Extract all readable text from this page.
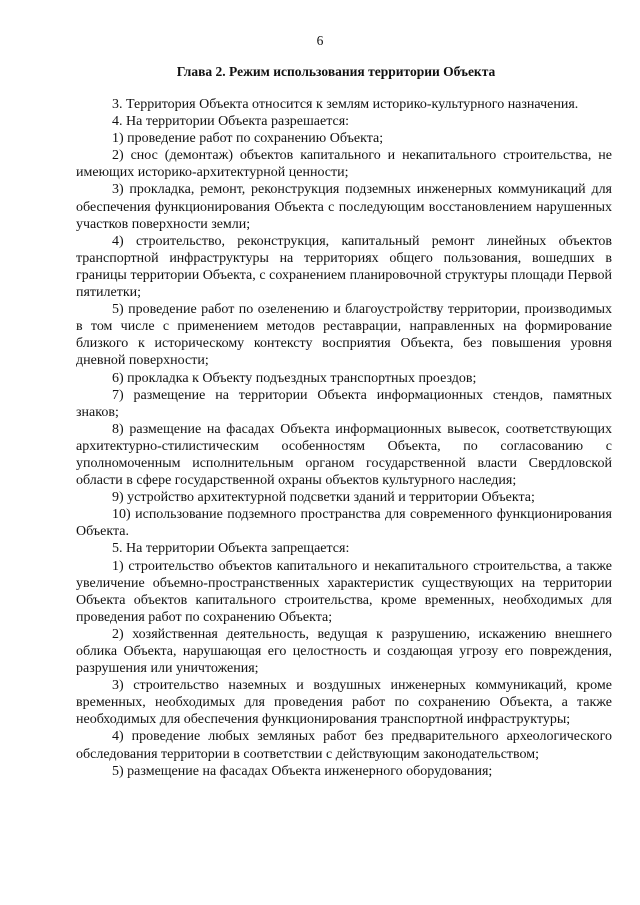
6
Глава 2. Режим использования территории Объекта

3. Территория Объекта относится к землям историко-культурного назначения.

4. На территории Объекта разрешается:

1) проведение работ по сохранению Объекта;

2) снос (демонтаж) объектов капитального и некапитального строительства, не имеющих историко-архитектурной ценности;

3) прокладка, ремонт, реконструкция подземных инженерных коммуникаций для обеспечения функционирования Объекта с последующим восстановлением нарушенных участков поверхности земли;

4) строительство, реконструкция, капитальный ремонт линейных объектов транспортной инфраструктуры на территориях общего пользования, вошедших в границы территории Объекта, с сохранением планировочной структуры площади Первой пятилетки;

5) проведение работ по озеленению и благоустройству территории, производимых в том числе с применением методов реставрации, направленных на формирование близкого к историческому контексту восприятия Объекта, без повышения уровня дневной поверхности;

6) прокладка к Объекту подъездных транспортных проездов;

7) размещение на территории Объекта информационных стендов, памятных знаков;

8) размещение на фасадах Объекта информационных вывесок, соответствующих архитектурно-стилистическим особенностям Объекта, по согласованию с уполномоченным исполнительным органом государственной власти Свердловской области в сфере государственной охраны объектов культурного наследия;

9) устройство архитектурной подсветки зданий и территории Объекта;

10) использование подземного пространства для современного функционирования Объекта.

5. На территории Объекта запрещается:

1) строительство объектов капитального и некапитального строительства, а также увеличение объемно-пространственных характеристик существующих на территории Объекта объектов капитального строительства, кроме временных, необходимых для проведения работ по сохранению Объекта;

2) хозяйственная деятельность, ведущая к разрушению, искажению внешнего облика Объекта, нарушающая его целостность и создающая угрозу его повреждения, разрушения или уничтожения;

3) строительство наземных и воздушных инженерных коммуникаций, кроме временных, необходимых для проведения работ по сохранению Объекта, а также необходимых для обеспечения функционирования транспортной инфраструктуры;

4) проведение любых земляных работ без предварительного археологического обследования территории в соответствии с действующим законодательством;

5) размещение на фасадах Объекта инженерного оборудования;
